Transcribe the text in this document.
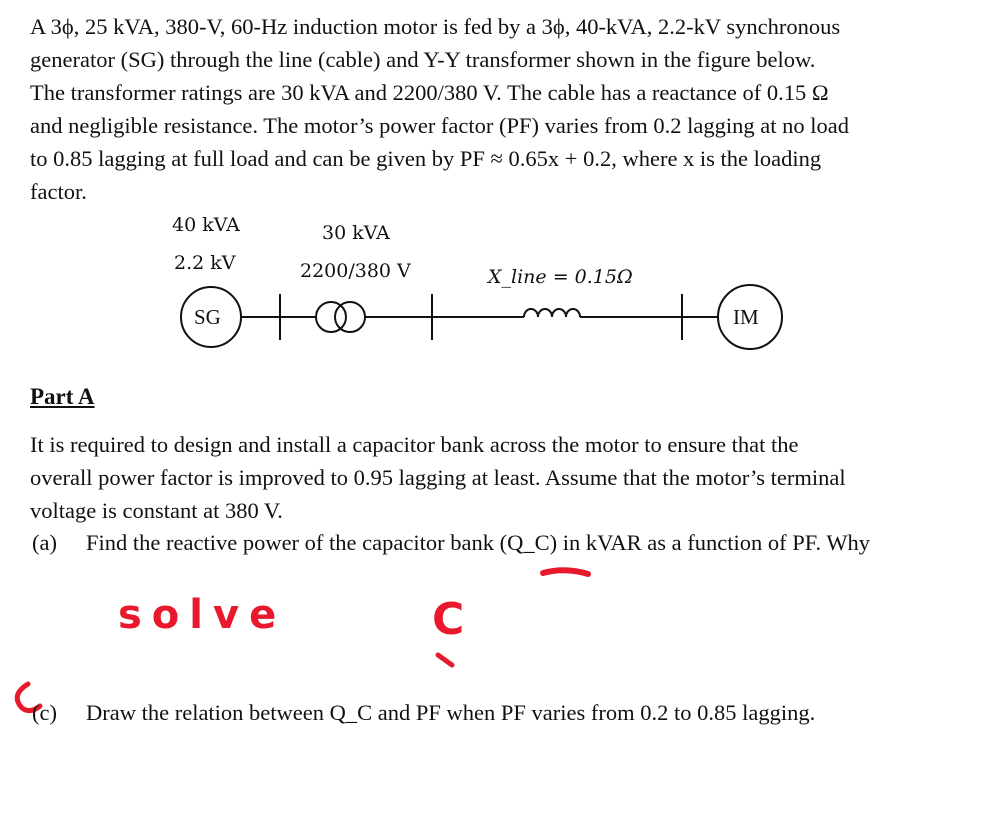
A 3ϕ, 25 kVA, 380-V, 60-Hz induction motor is fed by a 3ϕ, 40-kVA, 2.2-kV synchronous
generator (SG) through the line (cable) and Y-Y transformer shown in the figure below.
The transformer ratings are 30 kVA and 2200/380 V. The cable has a reactance of 0.15 Ω
and negligible resistance. The motor’s power factor (PF) varies from 0.2 lagging at no load
to 0.85 lagging at full load and can be given by PF ≈ 0.65x + 0.2, where x is the loading
factor.
40 kVA
2.2 kV
30 kVA
2200/380 V	X_line = 0.15Ω
SG	IM
Part A
It is required to design and install a capacitor bank across the motor to ensure that the
overall power factor is improved to 0.95 lagging at least. Assume that the motor’s terminal
voltage is constant at 380 V.
(a) Find the reactive power of the capacitor bank (Q_C) in kVAR as a function of PF. Why
solve	C
(c) Draw the relation between Q_C and PF when PF varies from 0.2 to 0.85 lagging.
